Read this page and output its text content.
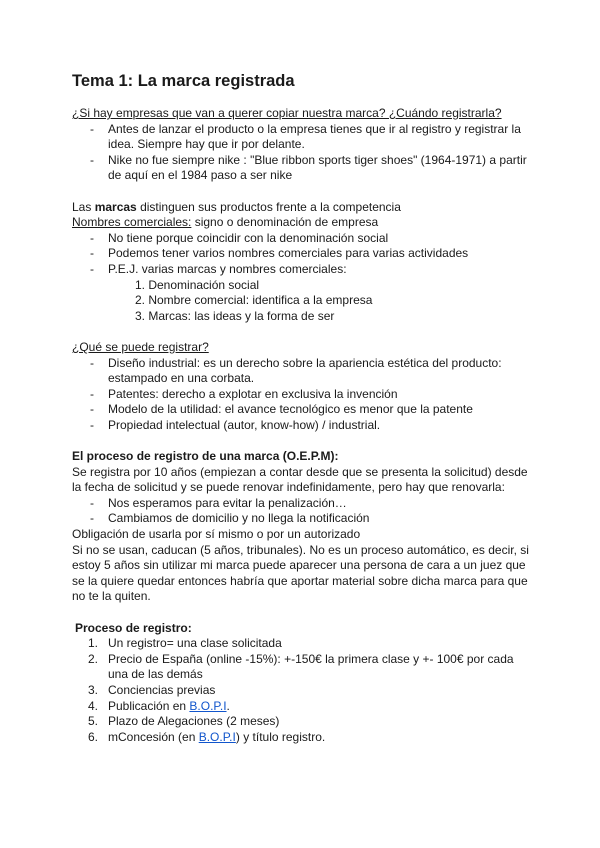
Tema 1: La marca registrada

¿Si hay empresas que van a querer copiar nuestra marca? ¿Cuándo registrarla?

- Antes de lanzar el producto o la empresa tienes que ir al registro y registrar la idea. Siempre hay que ir por delante.
- Nike no fue siempre nike : "Blue ribbon sports tiger shoes" (1964-1971) a partir de aquí en el 1984 paso a ser nike

Las marcas distinguen sus productos frente a la competencia

Nombres comerciales: signo o denominación de empresa

- No tiene porque coincidir con la denominación social
- Podemos tener varios nombres comerciales para varias actividades
- P.E.J. varias marcas y nombres comerciales:
1. Denominación social
2. Nombre comercial: identifica a la empresa
3. Marcas: las ideas y la forma de ser

¿Qué se puede registrar?

- Diseño industrial: es un derecho sobre la apariencia estética del producto: estampado en una corbata.
- Patentes: derecho a explotar en exclusiva la invención
- Modelo de la utilidad: el avance tecnológico es menor que la patente
- Propiedad intelectual (autor, know-how) / industrial.

El proceso de registro de una marca (O.E.P.M):

Se registra por 10 años (empiezan a contar desde que se presenta la solicitud) desde la fecha de solicitud y se puede renovar indefinidamente, pero hay que renovarla:

- Nos esperamos para evitar la penalización…
- Cambiamos de domicilio y no llega la notificación

Obligación de usarla por sí mismo o por un autorizado

Si no se usan, caducan (5 años, tribunales). No es un proceso automático, es decir, si estoy 5 años sin utilizar mi marca puede aparecer una persona de cara a un juez que se la quiere quedar entonces habría que aportar material sobre dicha marca para que no te la quiten.

Proceso de registro:

1. Un registro= una clase solicitada
2. Precio de España (online -15%): +-150€ la primera clase y +- 100€ por cada una de las demás
3. Conciencias previas
4. Publicación en B.O.P.I.
5. Plazo de Alegaciones (2 meses)
6. mConcesión (en B.O.P.I) y título registro.
